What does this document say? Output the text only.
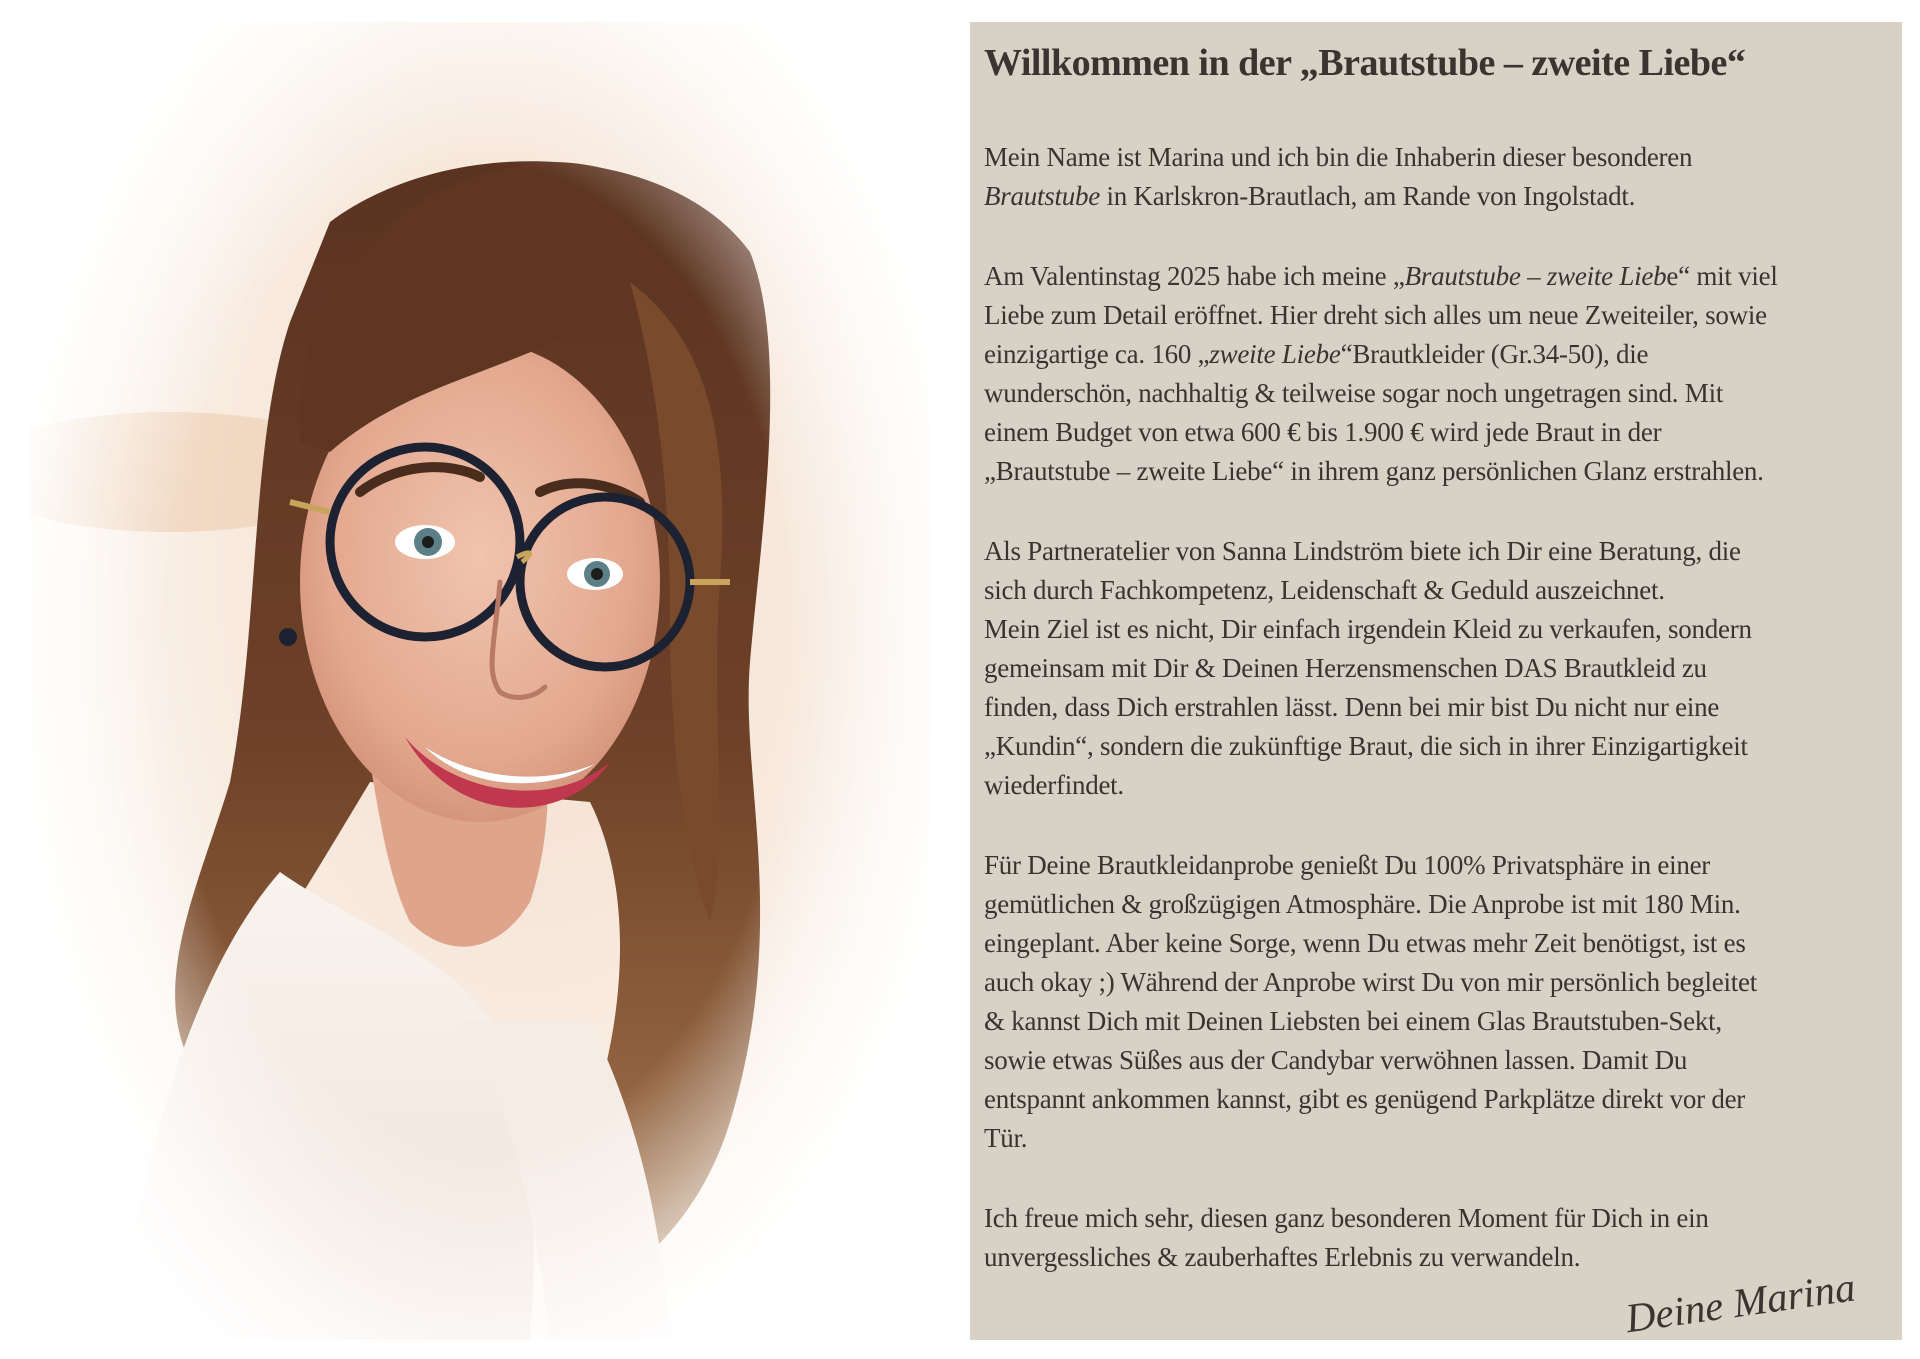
Willkommen in der „Brautstube – zweite Liebe“

Mein Name ist Marina und ich bin die Inhaberin dieser besonderen
Brautstube in Karlskron-Brautlach, am Rande von Ingolstadt.

Am Valentinstag 2025 habe ich meine „Brautstube – zweite Liebe“ mit viel
Liebe zum Detail eröffnet. Hier dreht sich alles um neue Zweiteiler, sowie
einzigartige ca. 160 „zweite Liebe“Brautkleider (Gr.34-50), die
wunderschön, nachhaltig & teilweise sogar noch ungetragen sind. Mit
einem Budget von etwa 600 € bis 1.900 € wird jede Braut in der
„Brautstube – zweite Liebe“ in ihrem ganz persönlichen Glanz erstrahlen.

Als Partneratelier von Sanna Lindström biete ich Dir eine Beratung, die
sich durch Fachkompetenz, Leidenschaft & Geduld auszeichnet.
Mein Ziel ist es nicht, Dir einfach irgendein Kleid zu verkaufen, sondern
gemeinsam mit Dir & Deinen Herzensmenschen DAS Brautkleid zu
finden, dass Dich erstrahlen lässt. Denn bei mir bist Du nicht nur eine
„Kundin“, sondern die zukünftige Braut, die sich in ihrer Einzigartigkeit
wiederfindet.

Für Deine Brautkleidanprobe genießt Du 100% Privatsphäre in einer
gemütlichen & großzügigen Atmosphäre. Die Anprobe ist mit 180 Min.
eingeplant. Aber keine Sorge, wenn Du etwas mehr Zeit benötigst, ist es
auch okay ;) Während der Anprobe wirst Du von mir persönlich begleitet
& kannst Dich mit Deinen Liebsten bei einem Glas Brautstuben-Sekt,
sowie etwas Süßes aus der Candybar verwöhnen lassen. Damit Du
entspannt ankommen kannst, gibt es genügend Parkplätze direkt vor der
Tür.

Ich freue mich sehr, diesen ganz besonderen Moment für Dich in ein
unvergessliches & zauberhaftes Erlebnis zu verwandeln.

Deine Marina
